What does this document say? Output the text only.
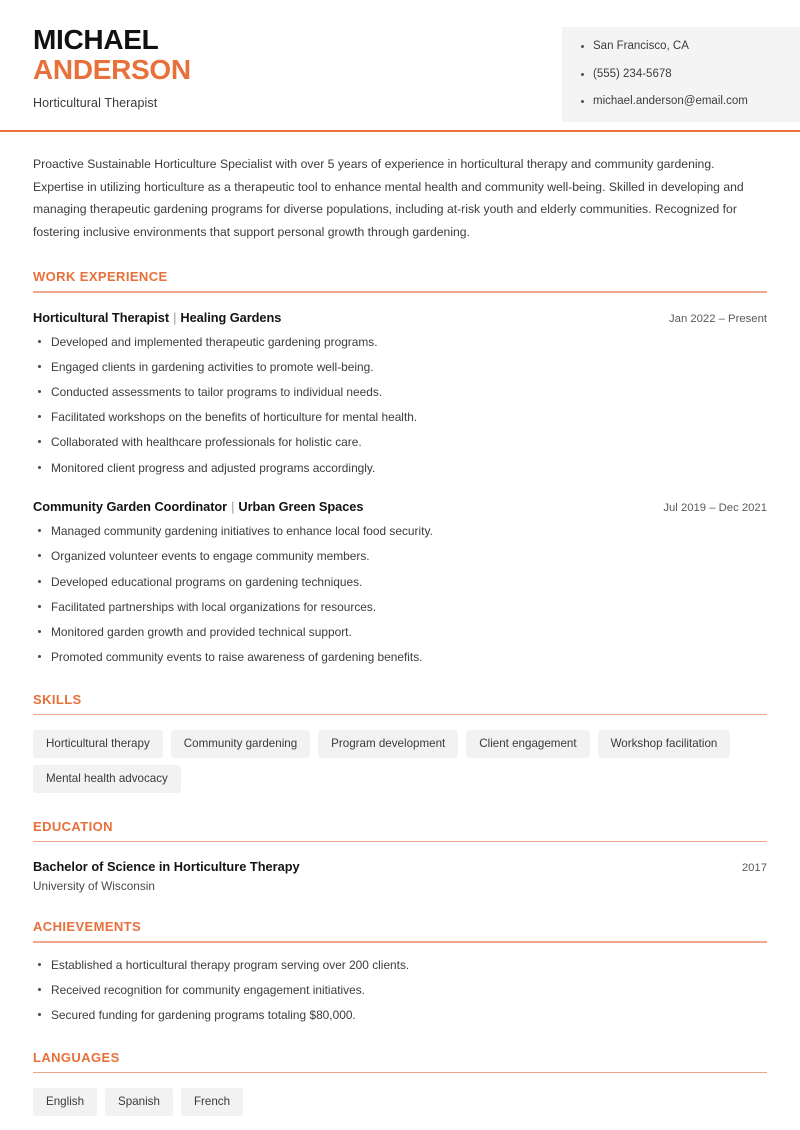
MICHAEL
ANDERSON
Horticultural Therapist
San Francisco, CA
(555) 234-5678
michael.anderson@email.com

Proactive Sustainable Horticulture Specialist with over 5 years of experience in horticultural therapy and community gardening. Expertise in utilizing horticulture as a therapeutic tool to enhance mental health and community well-being. Skilled in developing and managing therapeutic gardening programs for diverse populations, including at-risk youth and elderly communities. Recognized for fostering inclusive environments that support personal growth through gardening.

WORK EXPERIENCE
Horticultural Therapist | Healing Gardens	Jan 2022 – Present
Developed and implemented therapeutic gardening programs.
Engaged clients in gardening activities to promote well-being.
Conducted assessments to tailor programs to individual needs.
Facilitated workshops on the benefits of horticulture for mental health.
Collaborated with healthcare professionals for holistic care.
Monitored client progress and adjusted programs accordingly.
Community Garden Coordinator | Urban Green Spaces	Jul 2019 – Dec 2021
Managed community gardening initiatives to enhance local food security.
Organized volunteer events to engage community members.
Developed educational programs on gardening techniques.
Facilitated partnerships with local organizations for resources.
Monitored garden growth and provided technical support.
Promoted community events to raise awareness of gardening benefits.
SKILLS
Horticultural therapy	Community gardening	Program development	Client engagement	Workshop facilitation
Mental health advocacy
EDUCATION
Bachelor of Science in Horticulture Therapy	2017
University of Wisconsin
ACHIEVEMENTS
Established a horticultural therapy program serving over 200 clients.
Received recognition for community engagement initiatives.
Secured funding for gardening programs totaling $80,000.
LANGUAGES
English	Spanish	French
